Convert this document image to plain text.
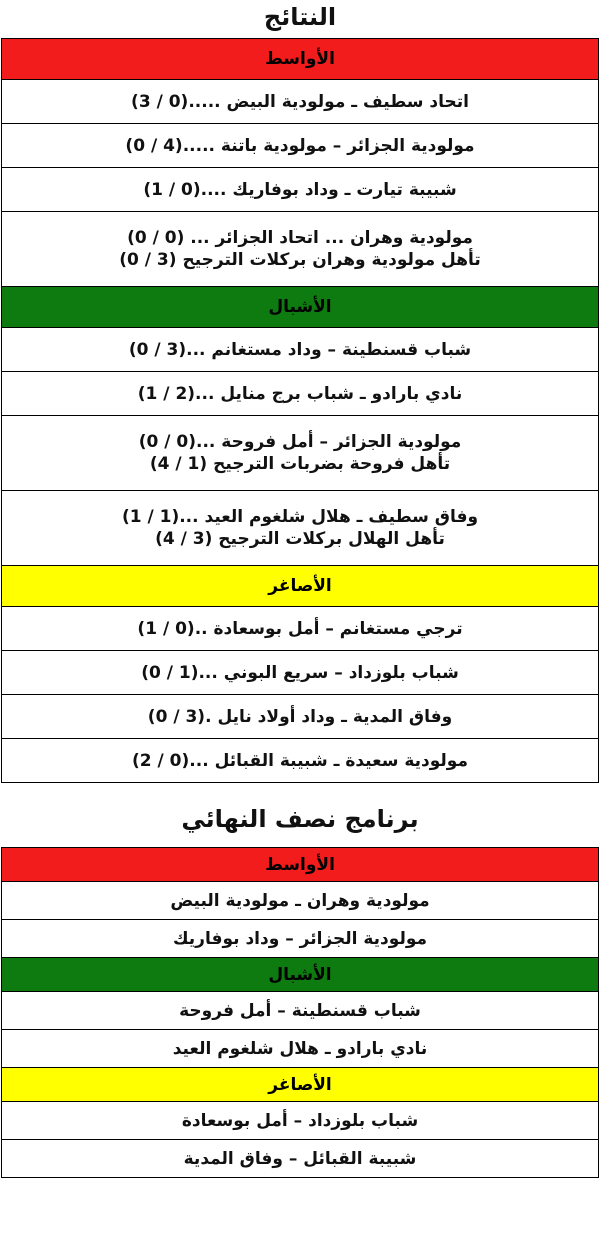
النتائج
الأواسط
اتحاد سطيف ـ مولودية البيض .....(0 / 3)
مولودية الجزائر – مولودية باتنة .....(4 / 0)
شبيبة تيارت ـ وداد بوفاريك ....(0 / 1)

مولودية وهران ... اتحاد الجزائر ... (0 / 0)
تأهل مولودية وهران بركلات الترجيح (3 / 0)

الأشبال
شباب قسنطينة – وداد مستغانم ...(3 / 0)
نادي بارادو ـ شباب برج منايل ...(2 / 1)

مولودية الجزائر – أمل فروحة ...(0 / 0)
تأهل فروحة بضربات الترجيح (1 / 4)

وفاق سطيف ـ هلال شلغوم العيد ...(1 / 1)
تأهل الهلال بركلات الترجيح (3 / 4)

الأصاغر
ترجي مستغانم – أمل بوسعادة ..(0 / 1)
شباب بلوزداد – سريع البوني ...(1 / 0)
وفاق المدية ـ وداد أولاد نايل .(3 / 0)
مولودية سعيدة ـ شبيبة القبائل ...(0 / 2)
برنامج نصف النهائي
الأواسط
مولودية وهران ـ مولودية البيض
مولودية الجزائر – وداد بوفاريك
الأشبال
شباب قسنطينة – أمل فروحة
نادي بارادو ـ هلال شلغوم العيد
الأصاغر
شباب بلوزداد – أمل بوسعادة
شبيبة القبائل – وفاق المدية
